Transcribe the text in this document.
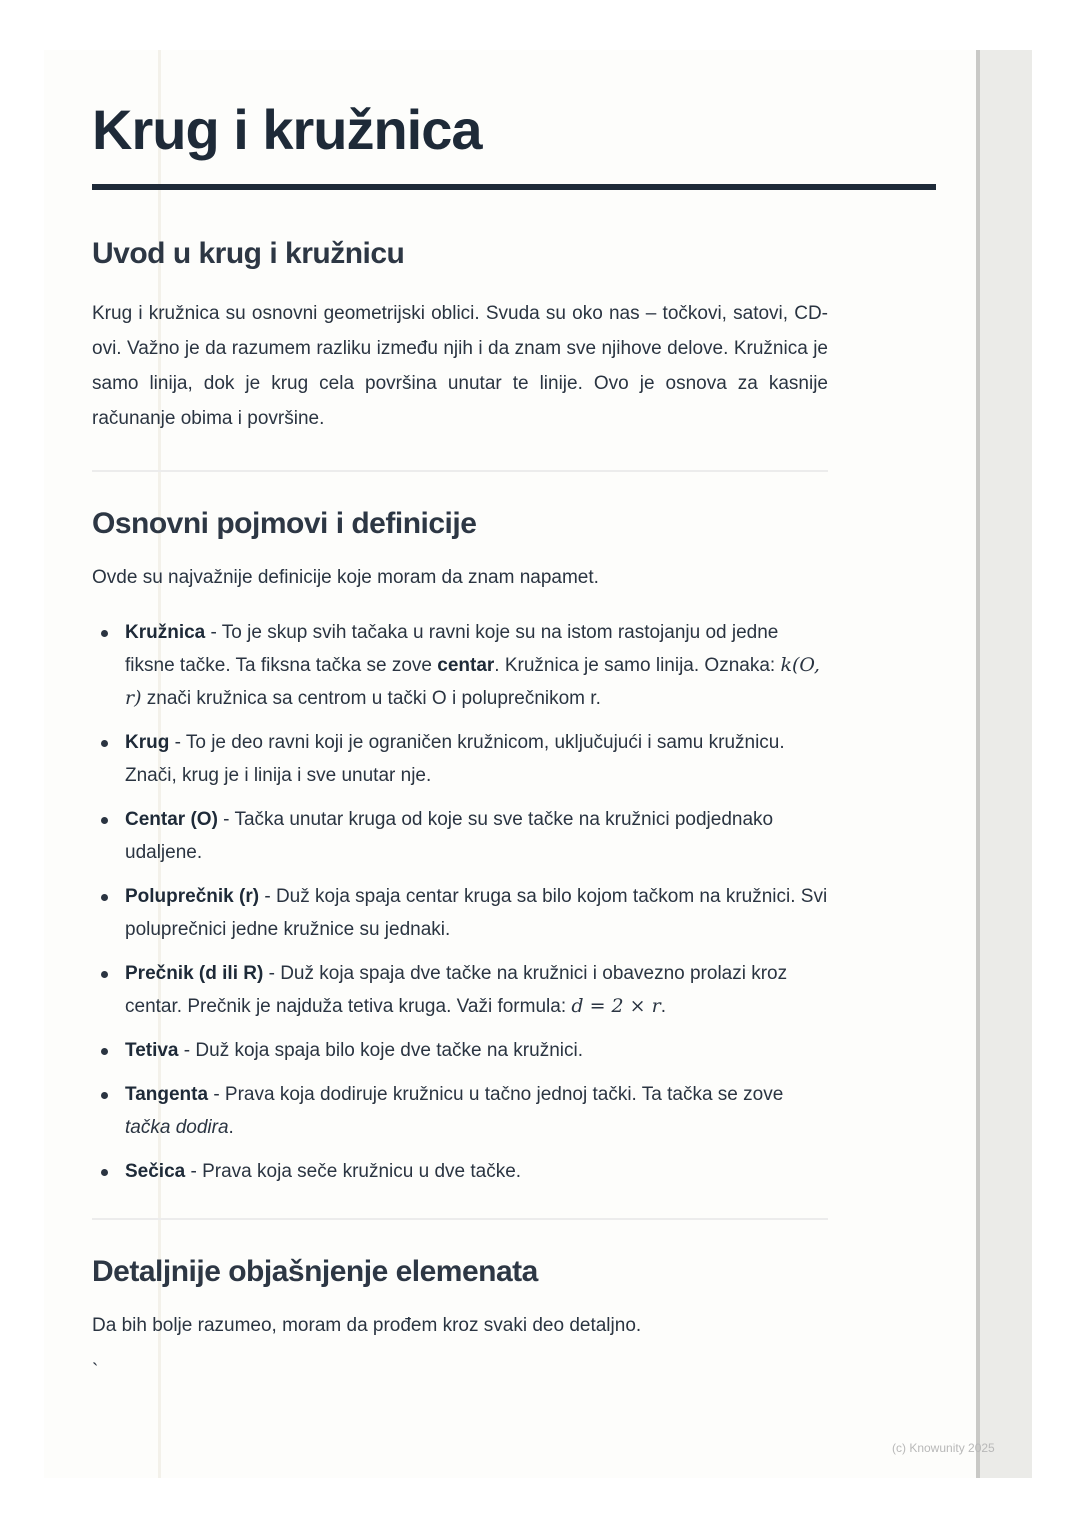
Krug i kružnica
Uvod u krug i kružnicu

Krug i kružnica su osnovni geometrijski oblici. Svuda su oko nas – točkovi, satovi, CD-ovi. Važno je da razumem razliku između njih i da znam sve njihove delove. Kružnica je samo linija, dok je krug cela površina unutar te linije. Ovo je osnova za kasnije računanje obima i površine.

Osnovni pojmovi i definicije

Ovde su najvažnije definicije koje moram da znam napamet.

Kružnica - To je skup svih tačaka u ravni koje su na istom rastojanju od jedne fiksne tačke. Ta fiksna tačka se zove centar. Kružnica je samo linija. Oznaka: k(O, r) znači kružnica sa centrom u tački O i poluprečnikom r.
Krug - To je deo ravni koji je ograničen kružnicom, uključujući i samu kružnicu. Znači, krug je i linija i sve unutar nje.
Centar (O) - Tačka unutar kruga od koje su sve tačke na kružnici podjednako udaljene.
Poluprečnik (r) - Duž koja spaja centar kruga sa bilo kojom tačkom na kružnici. Svi poluprečnici jedne kružnice su jednaki.
Prečnik (d ili R) - Duž koja spaja dve tačke na kružnici i obavezno prolazi kroz centar. Prečnik je najduža tetiva kruga. Važi formula: d = 2 × r.
Tetiva - Duž koja spaja bilo koje dve tačke na kružnici.
Tangenta - Prava koja dodiruje kružnicu u tačno jednoj tački. Ta tačka se zove tačka dodira.
Sečica - Prava koja seče kružnicu u dve tačke.
Detaljnije objašnjenje elemenata

Da bih bolje razumeo, moram da prođem kroz svaki deo detaljno.

`
(c) Knowunity 2025
